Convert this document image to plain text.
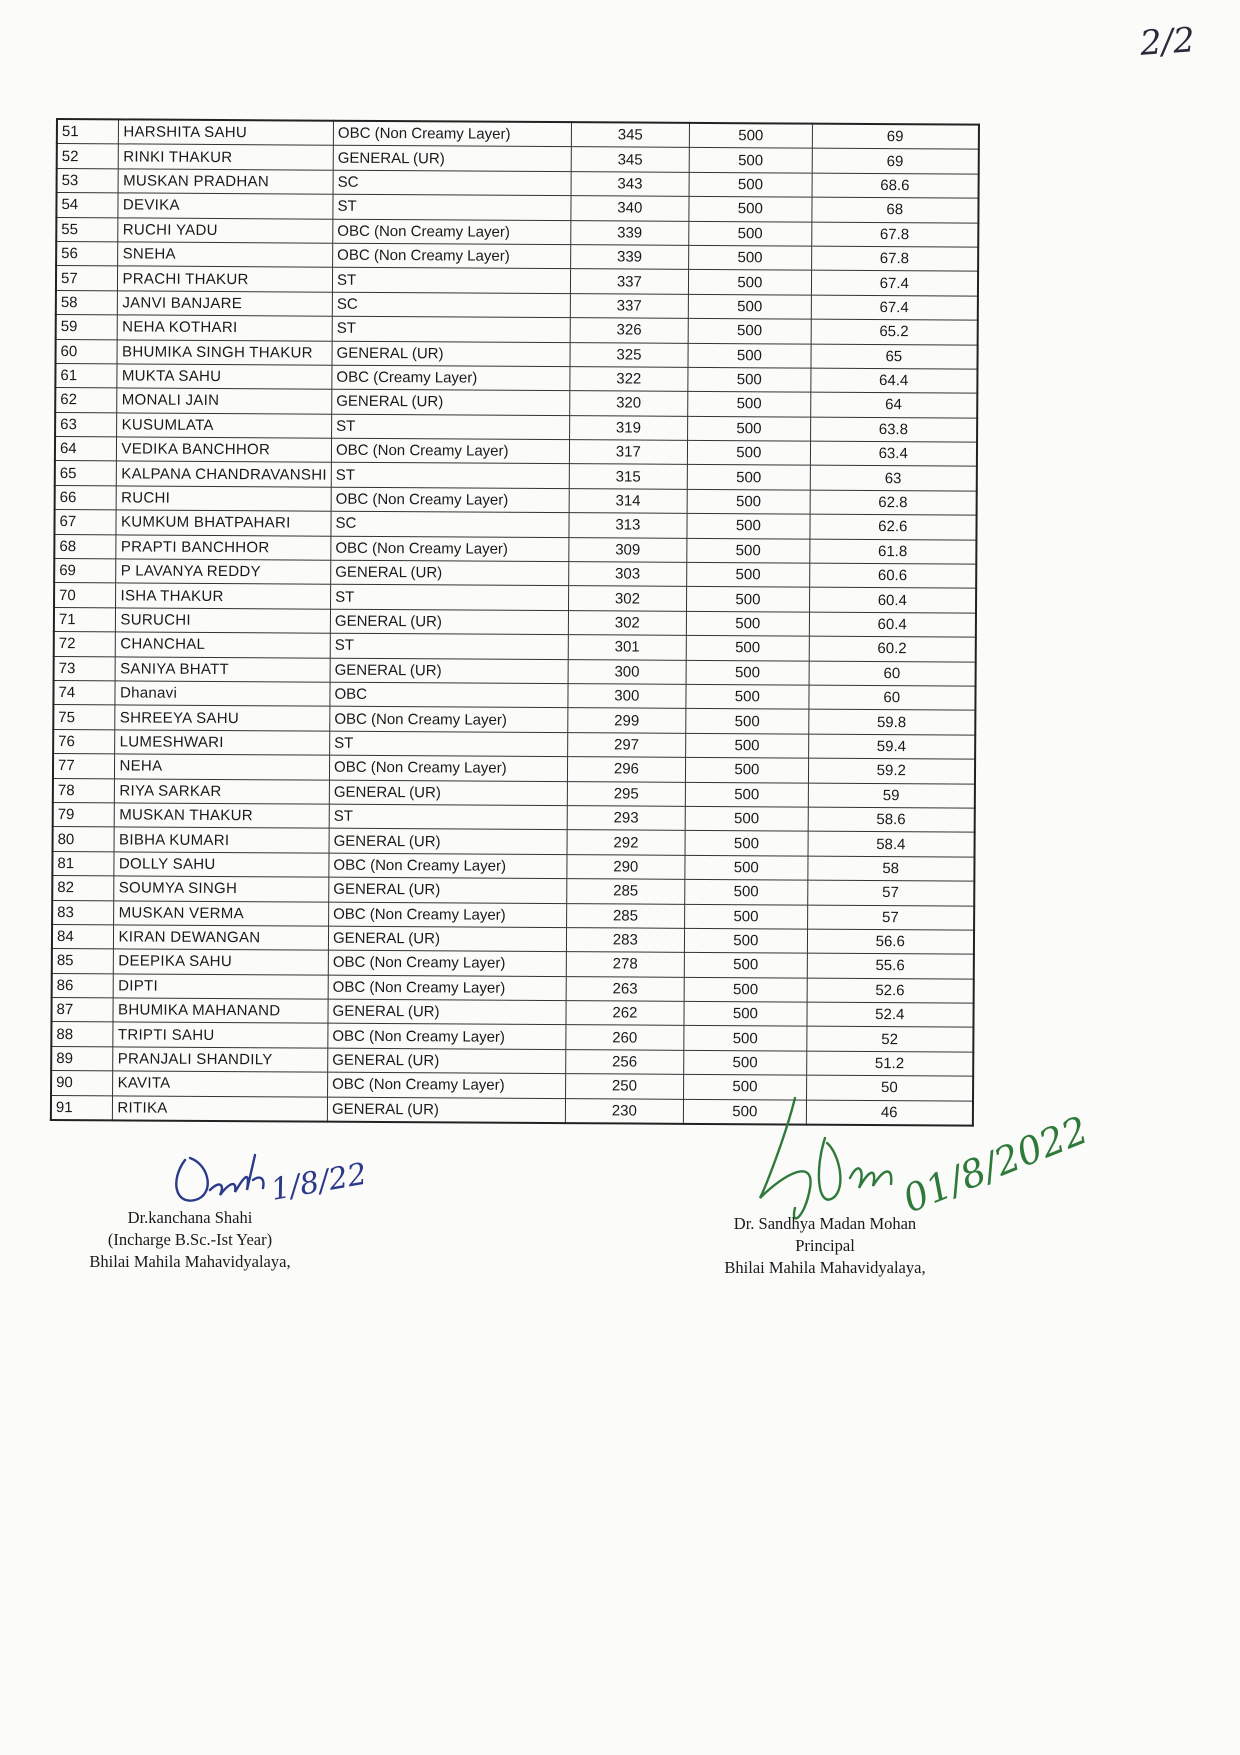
2/2
51	HARSHITA SAHU	OBC (Non Creamy Layer)	345	500	69
52	RINKI THAKUR	GENERAL (UR)	345	500	69
53	MUSKAN PRADHAN	SC	343	500	68.6
54	DEVIKA	ST	340	500	68
55	RUCHI YADU	OBC (Non Creamy Layer)	339	500	67.8
56	SNEHA	OBC (Non Creamy Layer)	339	500	67.8
57	PRACHI THAKUR	ST	337	500	67.4
58	JANVI BANJARE	SC	337	500	67.4
59	NEHA KOTHARI	ST	326	500	65.2
60	BHUMIKA SINGH THAKUR	GENERAL (UR)	325	500	65
61	MUKTA SAHU	OBC (Creamy Layer)	322	500	64.4
62	MONALI JAIN	GENERAL (UR)	320	500	64
63	KUSUMLATA	ST	319	500	63.8
64	VEDIKA BANCHHOR	OBC (Non Creamy Layer)	317	500	63.4
65	KALPANA CHANDRAVANSHI	ST	315	500	63
66	RUCHI	OBC (Non Creamy Layer)	314	500	62.8
67	KUMKUM BHATPAHARI	SC	313	500	62.6
68	PRAPTI BANCHHOR	OBC (Non Creamy Layer)	309	500	61.8
69	P LAVANYA REDDY	GENERAL (UR)	303	500	60.6
70	ISHA THAKUR	ST	302	500	60.4
71	SURUCHI	GENERAL (UR)	302	500	60.4
72	CHANCHAL	ST	301	500	60.2
73	SANIYA BHATT	GENERAL (UR)	300	500	60
74	Dhanavi	OBC	300	500	60
75	SHREEYA SAHU	OBC (Non Creamy Layer)	299	500	59.8
76	LUMESHWARI	ST	297	500	59.4
77	NEHA	OBC (Non Creamy Layer)	296	500	59.2
78	RIYA SARKAR	GENERAL (UR)	295	500	59
79	MUSKAN THAKUR	ST	293	500	58.6
80	BIBHA KUMARI	GENERAL (UR)	292	500	58.4
81	DOLLY SAHU	OBC (Non Creamy Layer)	290	500	58
82	SOUMYA SINGH	GENERAL (UR)	285	500	57
83	MUSKAN VERMA	OBC (Non Creamy Layer)	285	500	57
84	KIRAN DEWANGAN	GENERAL (UR)	283	500	56.6
85	DEEPIKA SAHU	OBC (Non Creamy Layer)	278	500	55.6
86	DIPTI	OBC (Non Creamy Layer)	263	500	52.6
87	BHUMIKA MAHANAND	GENERAL (UR)	262	500	52.4
88	TRIPTI SAHU	OBC (Non Creamy Layer)	260	500	52
89	PRANJALI SHANDILY	GENERAL (UR)	256	500	51.2
90	KAVITA	OBC (Non Creamy Layer)	250	500	50
91	RITIKA	GENERAL (UR)	230	500	46
1/8/22
Dr.kanchana Shahi
(Incharge B.Sc.-Ist Year)
Bhilai Mahila Mahavidyalaya,
01/8/2022
Dr. Sandhya Madan Mohan
Principal
Bhilai Mahila Mahavidyalaya,
